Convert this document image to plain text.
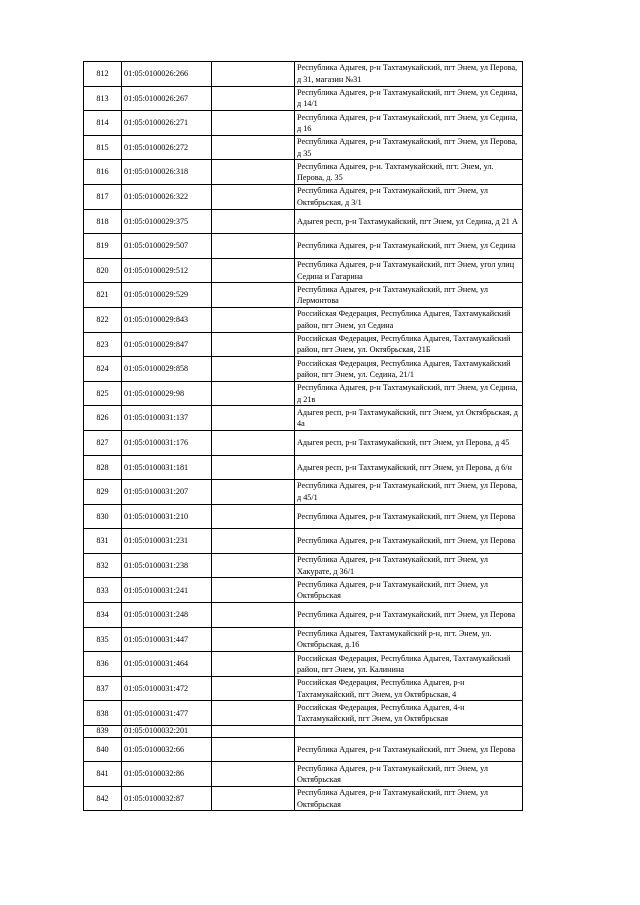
812	01:05:0100026:266		Республика Адыгея, р-н Тахтамукайский, пгт Энем, ул Перова, д 31, магазин №31
813	01:05:0100026:267		Республика Адыгея, р-н Тахтамукайский, пгт Энем, ул Седина, д 14/1
814	01:05:0100026:271		Республика Адыгея, р-н Тахтамукайский, пгт Энем, ул Седина, д 16
815	01:05:0100026:272		Республика Адыгея, р-н Тахтамукайский, пгт Энем, ул Перова, д 35
816	01:05:0100026:318		Республика Адыгея, р-н. Тахтамукайский, пгт. Энем, ул. Перова, д. 35
817	01:05:0100026:322		Республика Адыгея, р-н Тахтамукайский, пгт Энем, ул Октябрьская, д 3/1
818	01:05:0100029:375		Адыгея респ, р-н Тахтамукайский, пгт Энем, ул Седина, д 21 А
819	01:05:0100029:507		Республика Адыгея, р-н Тахтамукайский, пгт Энем, ул Седина
820	01:05:0100029:512		Республика Адыгея, р-н Тахтамукайский, пгт Энем, угол улиц Седина и Гагарина
821	01:05:0100029:529		Республика Адыгея, р-н Тахтамукайский, пгт Энем, ул Лермонтова
822	01:05:0100029:843		Российская Федерация, Республика Адыгея, Тахтамукайский район, пгт Энем, ул Седина
823	01:05:0100029:847		Российская Федерация, Республика Адыгея, Тахтамукайский район, пгт Энем, ул. Октябрьская, 21Б
824	01:05:0100029:858		Российская Федерация, Республика Адыгея, Тахтамукайский район, пгт Энем, ул. Седина, 21/1
825	01:05:0100029:98		Республика Адыгея, р-н Тахтамукайский, пгт Энем, ул Седина, д 21в
826	01:05:0100031:137		Адыгея респ, р-н Тахтамукайский, пгт Энем, ул Октябрьская, д 4а
827	01:05:0100031:176		Адыгея респ, р-н Тахтамукайский, пгт Энем, ул Перова, д 45
828	01:05:0100031:181		Адыгея респ, р-н Тахтамукайский, пгт Энем, ул Перова, д 6/н
829	01:05:0100031:207		Республика Адыгея, р-н Тахтамукайский, пгт Энем, ул Перова, д 45/1
830	01:05:0100031:210		Республика Адыгея, р-н Тахтамукайский, пгт Энем, ул Перова
831	01:05:0100031:231		Республика Адыгея, р-н Тахтамукайский, пгт Энем, ул Перова
832	01:05:0100031:238		Республика Адыгея, р-н Тахтамукайский, пгт Энем, ул Хакурате, д 36/1
833	01:05:0100031:241		Республика Адыгея, р-н Тахтамукайский, пгт Энем, ул Октябрьская
834	01:05:0100031:248		Республика Адыгея, р-н Тахтамукайский, пгт Энем, ул Перова
835	01:05:0100031:447		Республика Адыгея, Тахтамукайский р-н, пгт. Энем, ул. Октябрьская, д.16
836	01:05:0100031:464		Российская Федерация, Республика Адыгея, Тахтамукайский район, пгт Энем, ул. Калинина
837	01:05:0100031:472		Российская Федерация, Республика Адыгея, р-н Тахтамукайский, пгт Энем, ул Октябрьская, 4
838	01:05:0100031:477		Российская Федерация, Республика Адыгея, 4-н Тахтамукайский, пгт Энем, ул Октябрьская
839	01:05:0100032:201		
840	01:05:0100032:66		Республика Адыгея, р-н Тахтамукайский, пгт Энем, ул Перова
841	01:05:0100032:86		Республика Адыгея, р-н Тахтамукайский, пгт Энем, ул Октябрьская
842	01:05:0100032:87		Республика Адыгея, р-н Тахтамукайский, пгт Энем, ул Октябрьская
